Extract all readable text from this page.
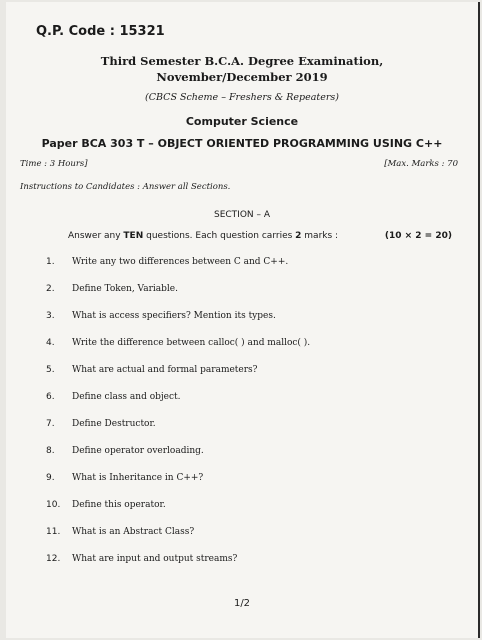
Q.P. Code : 15321
Third Semester B.C.A. Degree Examination,
November/December 2019
(CBCS Scheme – Freshers & Repeaters)
Computer Science
Paper BCA 303 T – OBJECT ORIENTED PROGRAMMING USING C++
Time : 3 Hours]	[Max. Marks : 70
Instructions to Candidates : Answer all Sections.
SECTION – A
Answer any TEN questions. Each question carries 2 marks :	(10 × 2 = 20)
1. Write any two differences between C and C++.
2. Define Token, Variable.
3. What is access specifiers? Mention its types.
4. Write the difference between calloc( ) and malloc( ).
5. What are actual and formal parameters?
6. Define class and object.
7. Define Destructor.
8. Define operator overloading.
9. What is Inheritance in C++?
10. Define this operator.
11. What is an Abstract Class?
12. What are input and output streams?
1/2
